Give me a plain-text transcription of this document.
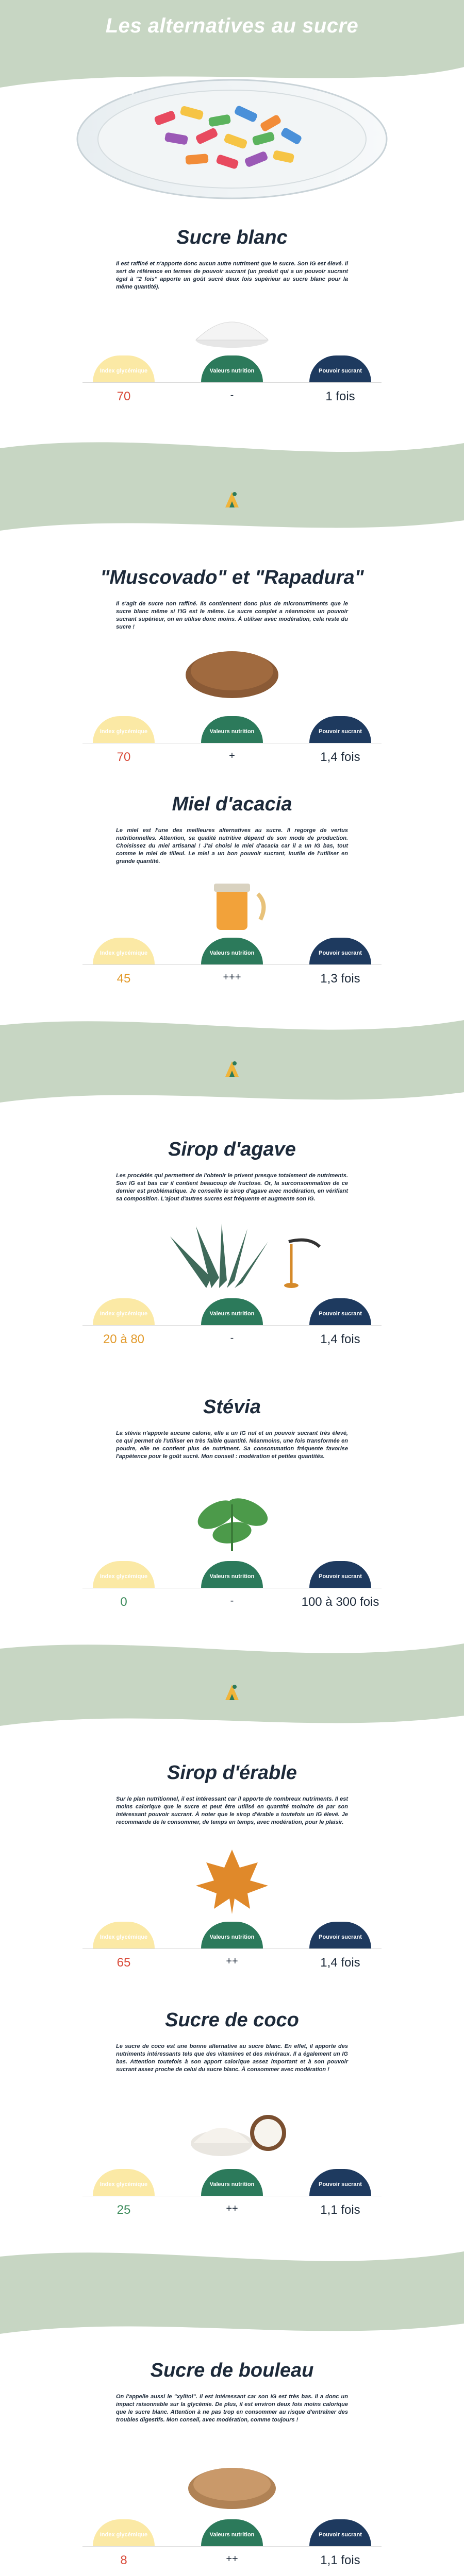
Les alternatives au sucre
Sucre blanc
Il est raffiné et n'apporte donc aucun autre nutriment que le sucre. Son IG est élevé. Il sert de référence en termes de pouvoir sucrant (un produit qui a un pouvoir sucrant égal à "2 fois" apporte un goût sucré deux fois supérieur au sucre blanc pour la même quantité).
Index glycémique	Valeurs nutrition	Pouvoir sucrant
70	-	1 fois
"Muscovado" et "Rapadura"
Il s'agit de sucre non raffiné. Ils contiennent donc plus de micronutriments que le sucre blanc même si l'IG est le même. Le sucre complet a néanmoins un pouvoir sucrant supérieur, on en utilise donc moins. À utiliser avec modération, cela reste du sucre !
Index glycémique	Valeurs nutrition	Pouvoir sucrant
70	+	1,4 fois
Miel d'acacia
Le miel est l'une des meilleures alternatives au sucre. Il regorge de vertus nutritionnelles. Attention, sa qualité nutritive dépend de son mode de production. Choisissez du miel artisanal ! J'ai choisi le miel d'acacia car il a un IG bas, tout comme le miel de tilleul. Le miel a un bon pouvoir sucrant, inutile de l'utiliser en grande quantité.
Index glycémique	Valeurs nutrition	Pouvoir sucrant
45	+++	1,3 fois
Sirop d'agave
Les procédés qui permettent de l'obtenir le privent presque totalement de nutriments. Son IG est bas car il contient beaucoup de fructose. Or, la surconsommation de ce dernier est problématique. Je conseille le sirop d'agave avec modération, en vérifiant sa composition. L'ajout d'autres sucres est fréquente et augmente son IG.
Index glycémique	Valeurs nutrition	Pouvoir sucrant
20 à 80	-	1,4 fois
Stévia
La stévia n'apporte aucune calorie, elle a un IG nul et un pouvoir sucrant très élevé, ce qui permet de l'utiliser en très faible quantité. Néanmoins, une fois transformée en poudre, elle ne contient plus de nutriment. Sa consommation fréquente favorise l'appétence pour le goût sucré. Mon conseil : modération et petites quantités.
Index glycémique	Valeurs nutrition	Pouvoir sucrant
0	-	100 à 300 fois
Sirop d'érable
Sur le plan nutritionnel, il est intéressant car il apporte de nombreux nutriments. Il est moins calorique que le sucre et peut être utilisé en quantité moindre de par son intéressant pouvoir sucrant. À noter que le sirop d'érable a toutefois un IG élevé. Je recommande de le consommer, de temps en temps, avec modération, pour le plaisir.
Index glycémique	Valeurs nutrition	Pouvoir sucrant
65	++	1,4 fois
Sucre de coco
Le sucre de coco est une bonne alternative au sucre blanc. En effet, il apporte des nutriments intéressants tels que des vitamines et des minéraux. Il a également un IG bas. Attention toutefois à son apport calorique assez important et à son pouvoir sucrant assez proche de celui du sucre blanc. À consommer avec modération !
Index glycémique	Valeurs nutrition	Pouvoir sucrant
25	++	1,1 fois
Sucre de bouleau
On l'appelle aussi le "xylitol". Il est intéressant car son IG est très bas. Il a donc un impact raisonnable sur la glycémie. De plus, il est environ deux fois moins calorique que le sucre blanc. Attention à ne pas trop en consommer au risque d'entraîner des troubles digestifs. Mon conseil, avec modération, comme toujours !
Index glycémique	Valeurs nutrition	Pouvoir sucrant
8	++	1,1 fois
